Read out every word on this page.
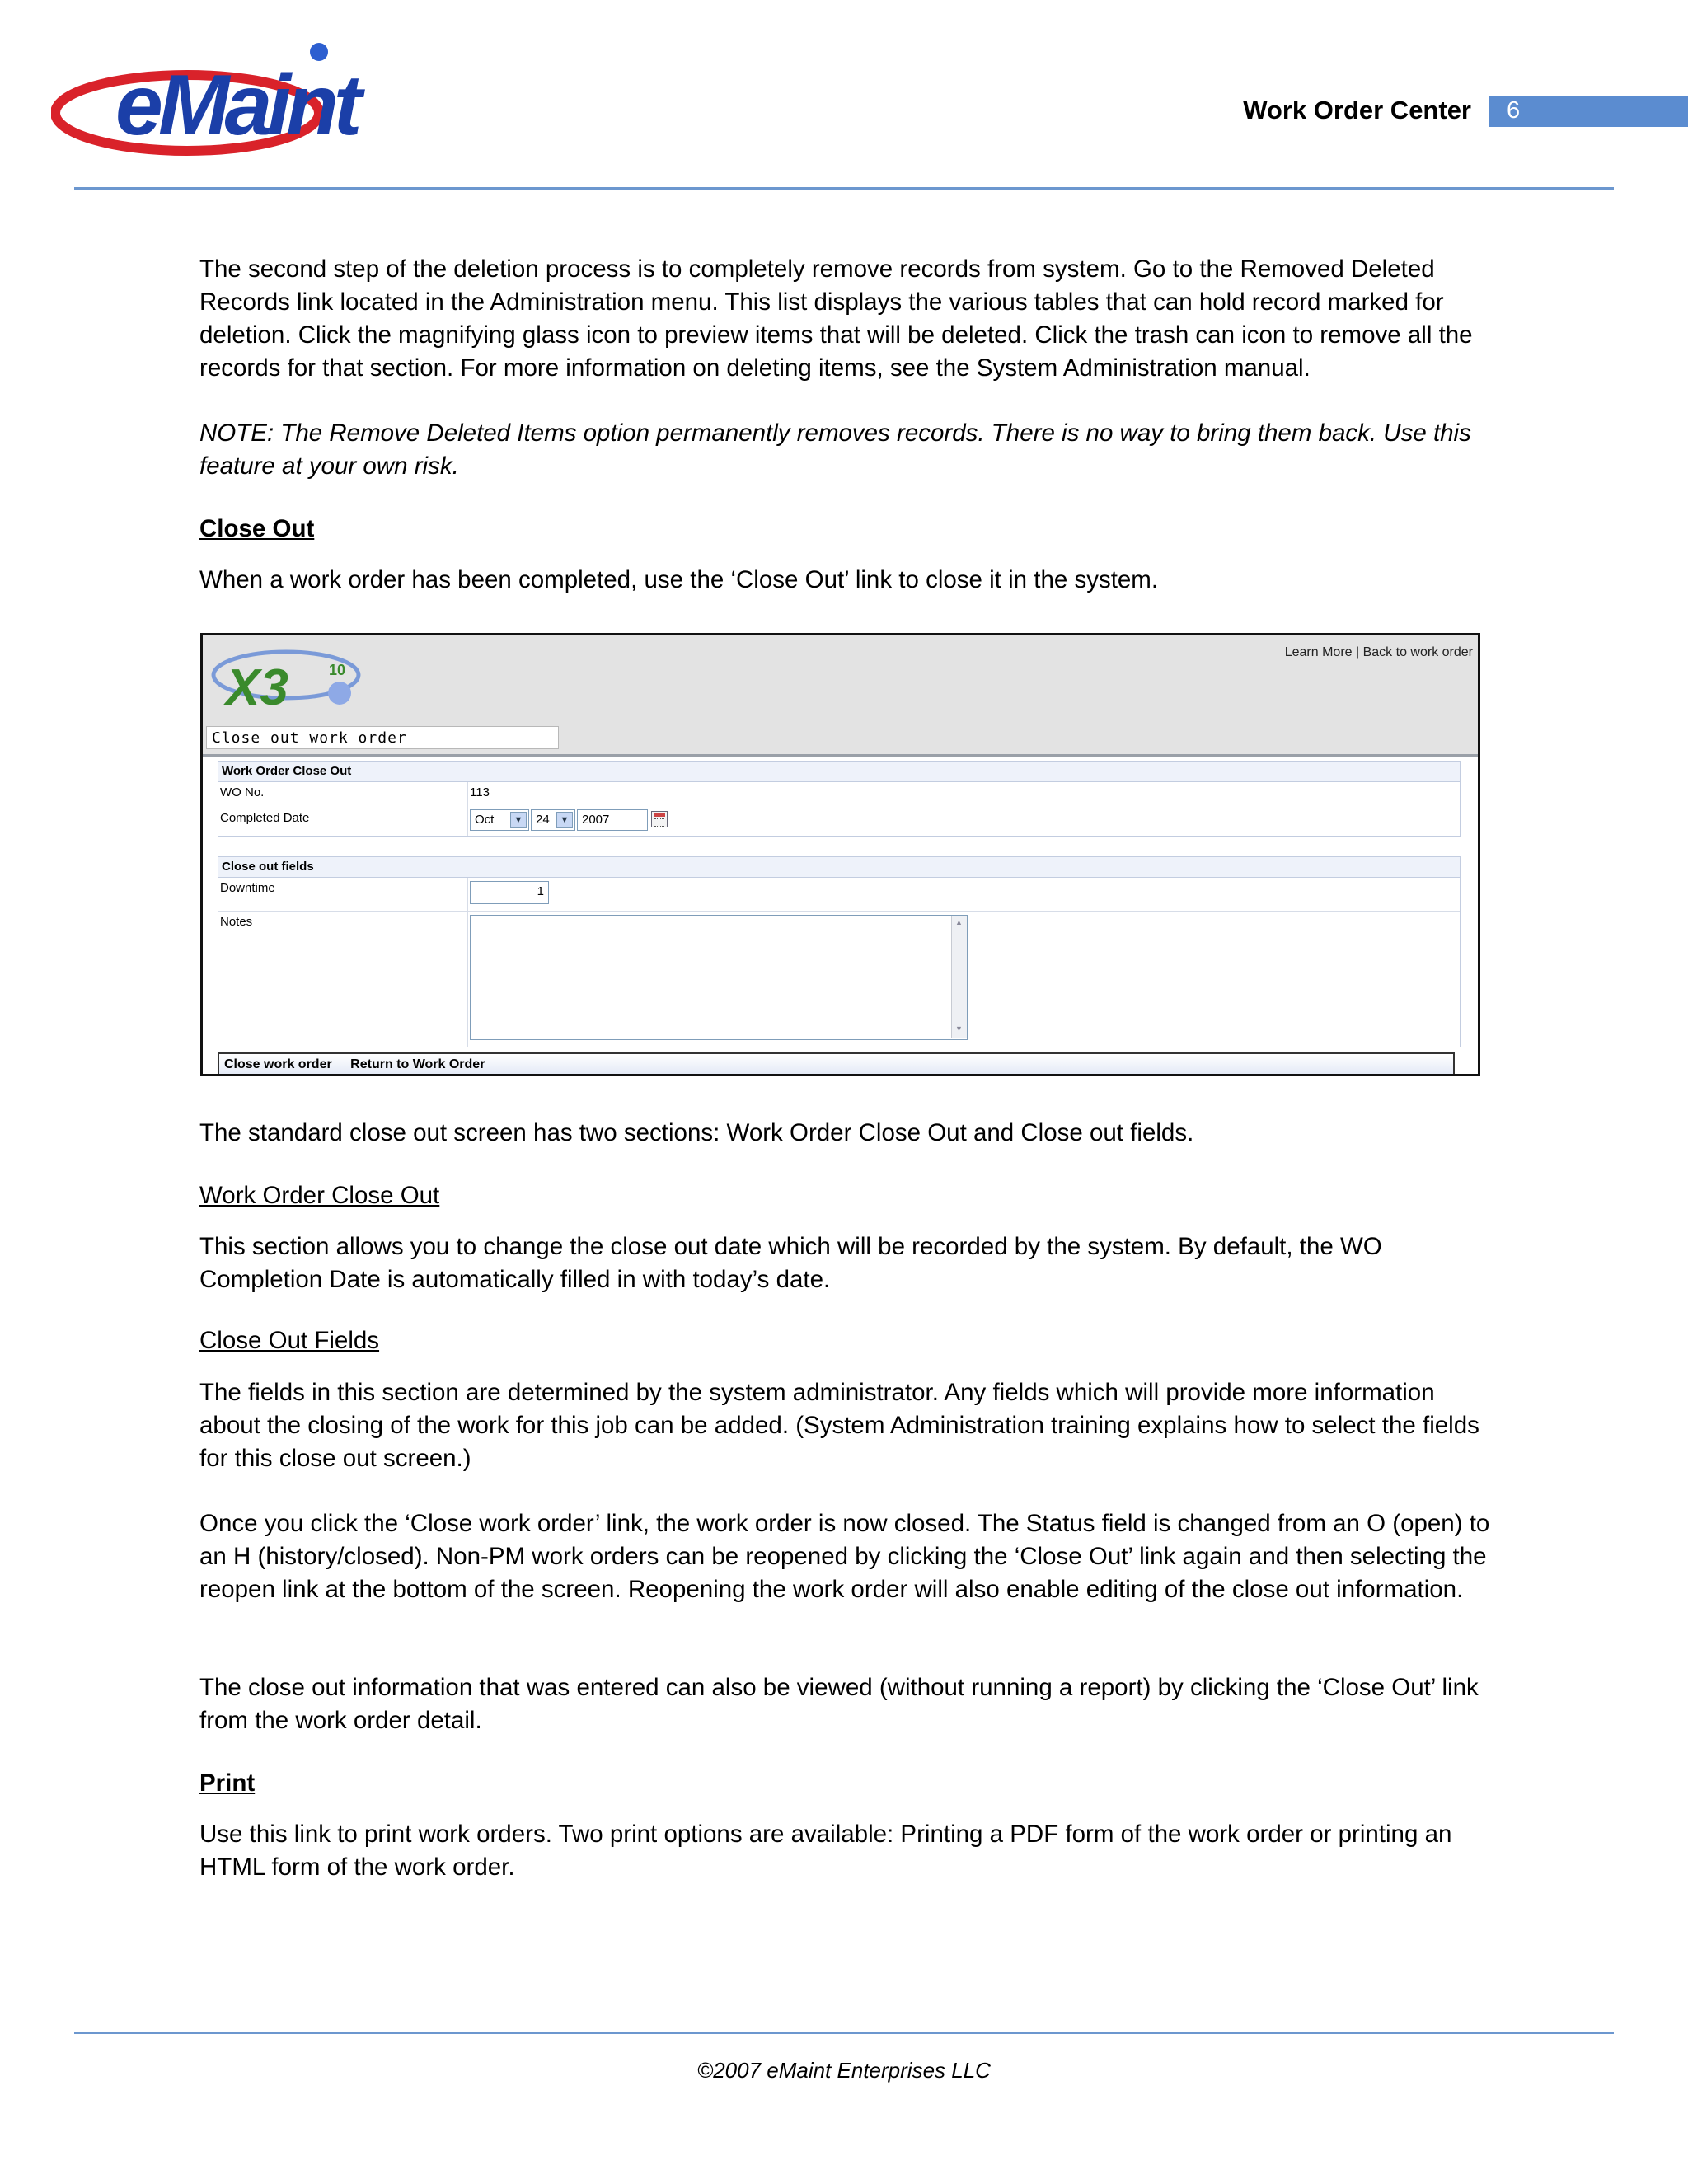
eMaint	Work Order Center 6

The second step of the deletion process is to completely remove records from system. Go to the Removed Deleted Records link located in the Administration menu. This list displays the various tables that can hold record marked for deletion. Click the magnifying glass icon to preview items that will be deleted. Click the trash can icon to remove all the records for that section. For more information on deleting items, see the System Administration manual.

NOTE: The Remove Deleted Items option permanently removes records. There is no way to bring them back. Use this feature at your own risk.

Close Out

When a work order has been completed, use the ‘Close Out’ link to close it in the system.

X3	10
Learn More | Back to work order
Close out work order
Work Order Close Out
WO No.	113
Completed Date	Oct	▼	24	▼	2007
Close out fields
Downtime	1
Notes	▲
▼
Close work order Return to Work Order

The standard close out screen has two sections: Work Order Close Out and Close out fields.

Work Order Close Out

This section allows you to change the close out date which will be recorded by the system. By default, the WO Completion Date is automatically filled in with today’s date.

Close Out Fields

The fields in this section are determined by the system administrator. Any fields which will provide more information about the closing of the work for this job can be added. (System Administration training explains how to select the fields for this close out screen.)

Once you click the ‘Close work order’ link, the work order is now closed. The Status field is changed from an O (open) to an H (history/closed). Non-PM work orders can be reopened by clicking the ‘Close Out’ link again and then selecting the reopen link at the bottom of the screen. Reopening the work order will also enable editing of the close out information.

The close out information that was entered can also be viewed (without running a report) by clicking the ‘Close Out’ link from the work order detail.

Print

Use this link to print work orders. Two print options are available: Printing a PDF form of the work order or printing an HTML form of the work order.

©2007 eMaint Enterprises LLC
